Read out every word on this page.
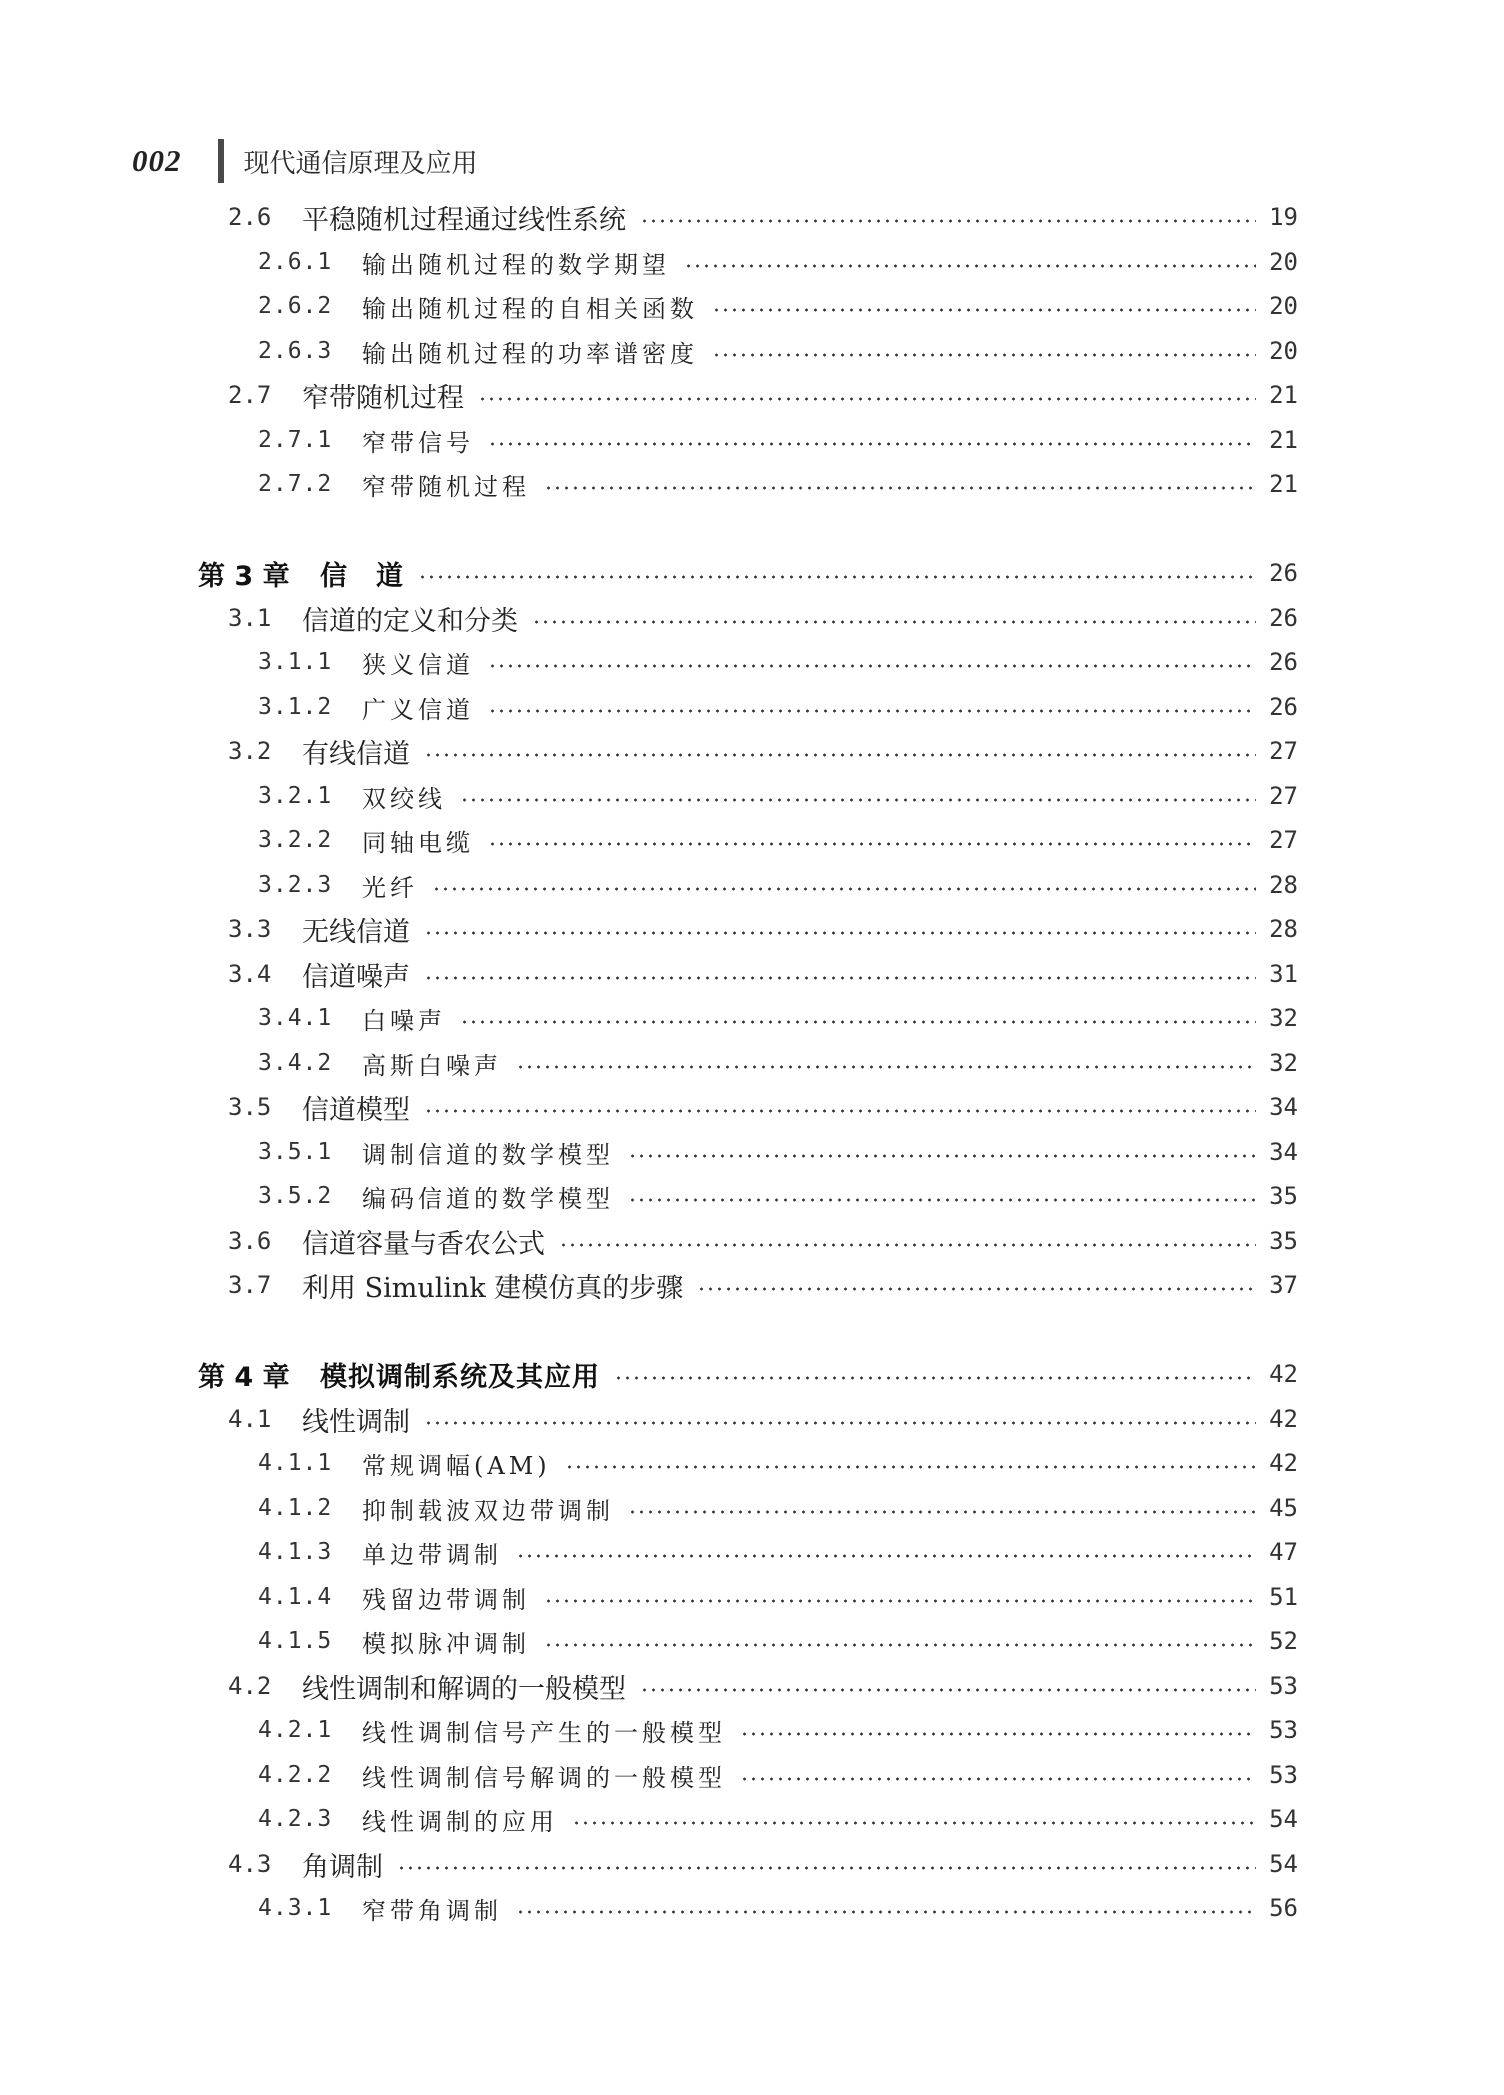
002 现代通信原理及应用
2.6	平稳随机过程通过线性系统	19
2.6.1	输出随机过程的数学期望	20
2.6.2	输出随机过程的自相关函数	20
2.6.3	输出随机过程的功率谱密度	20
2.7	窄带随机过程	21
2.7.1	窄带信号	21
2.7.2	窄带随机过程	21
第 3 章	信　道	26
3.1	信道的定义和分类	26
3.1.1	狭义信道	26
3.1.2	广义信道	26
3.2	有线信道	27
3.2.1	双绞线	27
3.2.2	同轴电缆	27
3.2.3	光纤	28
3.3	无线信道	28
3.4	信道噪声	31
3.4.1	白噪声	32
3.4.2	高斯白噪声	32
3.5	信道模型	34
3.5.1	调制信道的数学模型	34
3.5.2	编码信道的数学模型	35
3.6	信道容量与香农公式	35
3.7	利用 Simulink 建模仿真的步骤	37
第 4 章	模拟调制系统及其应用	42
4.1	线性调制	42
4.1.1	常规调幅(AM)	42
4.1.2	抑制载波双边带调制	45
4.1.3	单边带调制	47
4.1.4	残留边带调制	51
4.1.5	模拟脉冲调制	52
4.2	线性调制和解调的一般模型	53
4.2.1	线性调制信号产生的一般模型	53
4.2.2	线性调制信号解调的一般模型	53
4.2.3	线性调制的应用	54
4.3	角调制	54
4.3.1	窄带角调制	56
